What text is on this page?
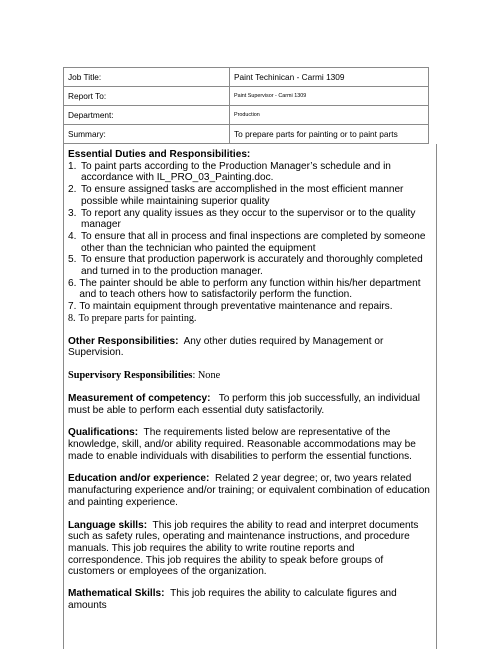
Job Title:	Paint Techinican - Carmi 1309
Report To:	Paint Supervisor - Carmi 1309
Department:	Production
Summary:	To prepare parts for painting or to paint parts

Essential Duties and Responsibilities:

1. To paint parts according to the Production Manager’s schedule and in accordance with IL_PRO_03_Painting.doc.
2. To ensure assigned tasks are accomplished in the most efficient manner possible while maintaining superior quality
3. To report any quality issues as they occur to the supervisor or to the quality manager
4. To ensure that all in process and final inspections are completed by someone other than the technician who painted the equipment
5. To ensure that production paperwork is accurately and thoroughly completed and turned in to the production manager.
6. The painter should be able to perform any function within his/her department and to teach others how to satisfactorily perform the function.
7. To maintain equipment through preventative maintenance and repairs.
8. To prepare parts for painting.

Other Responsibilities: Any other duties required by Management or Supervision.

Supervisory Responsibilities: None

Measurement of competency: To perform this job successfully, an individual must be able to perform each essential duty satisfactorily.

Qualifications: The requirements listed below are representative of the knowledge, skill, and/or ability required. Reasonable accommodations may be made to enable individuals with disabilities to perform the essential functions.

Education and/or experience: Related 2 year degree; or, two years related manufacturing experience and/or training; or equivalent combination of education and painting experience.

Language skills: This job requires the ability to read and interpret documents such as safety rules, operating and maintenance instructions, and procedure manuals. This job requires the ability to write routine reports and correspondence. This job requires the ability to speak before groups of customers or employees of the organization.

Mathematical Skills: This job requires the ability to calculate figures and amounts
